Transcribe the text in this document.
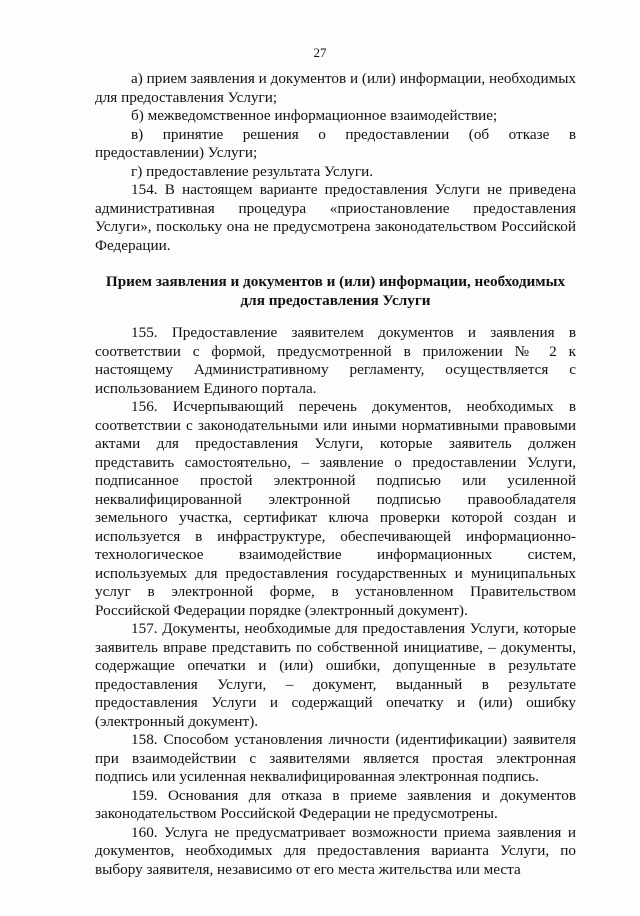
27

а) прием заявления и документов и (или) информации, необходимых для предоставления Услуги;

б) межведомственное информационное взаимодействие;

в) принятие решения о предоставлении (об отказе в предоставлении) Услуги;

г) предоставление результата Услуги.

154. В настоящем варианте предоставления Услуги не приведена административная процедура «приостановление предоставления Услуги», поскольку она не предусмотрена законодательством Российской Федерации.

Прием заявления и документов и (или) информации, необходимых для предоставления Услуги

155. Предоставление заявителем документов и заявления в соответствии с формой, предусмотренной в приложении № 2 к настоящему Административному регламенту, осуществляется с использованием Единого портала.

156. Исчерпывающий перечень документов, необходимых в соответствии с законодательными или иными нормативными правовыми актами для предоставления Услуги, которые заявитель должен представить самостоятельно, – заявление о предоставлении Услуги, подписанное простой электронной подписью или усиленной неквалифицированной электронной подписью правообладателя земельного участка, сертификат ключа проверки которой создан и используется в инфраструктуре, обеспечивающей информационно-технологическое взаимодействие информационных систем, используемых для предоставления государственных и муниципальных услуг в электронной форме, в установленном Правительством Российской Федерации порядке (электронный документ).

157. Документы, необходимые для предоставления Услуги, которые заявитель вправе представить по собственной инициативе, – документы, содержащие опечатки и (или) ошибки, допущенные в результате предоставления Услуги, – документ, выданный в результате предоставления Услуги и содержащий опечатку и (или) ошибку (электронный документ).

158. Способом установления личности (идентификации) заявителя при взаимодействии с заявителями является простая электронная подпись или усиленная неквалифицированная электронная подпись.

159. Основания для отказа в приеме заявления и документов законодательством Российской Федерации не предусмотрены.

160. Услуга не предусматривает возможности приема заявления и документов, необходимых для предоставления варианта Услуги, по выбору заявителя, независимо от его места жительства или места
